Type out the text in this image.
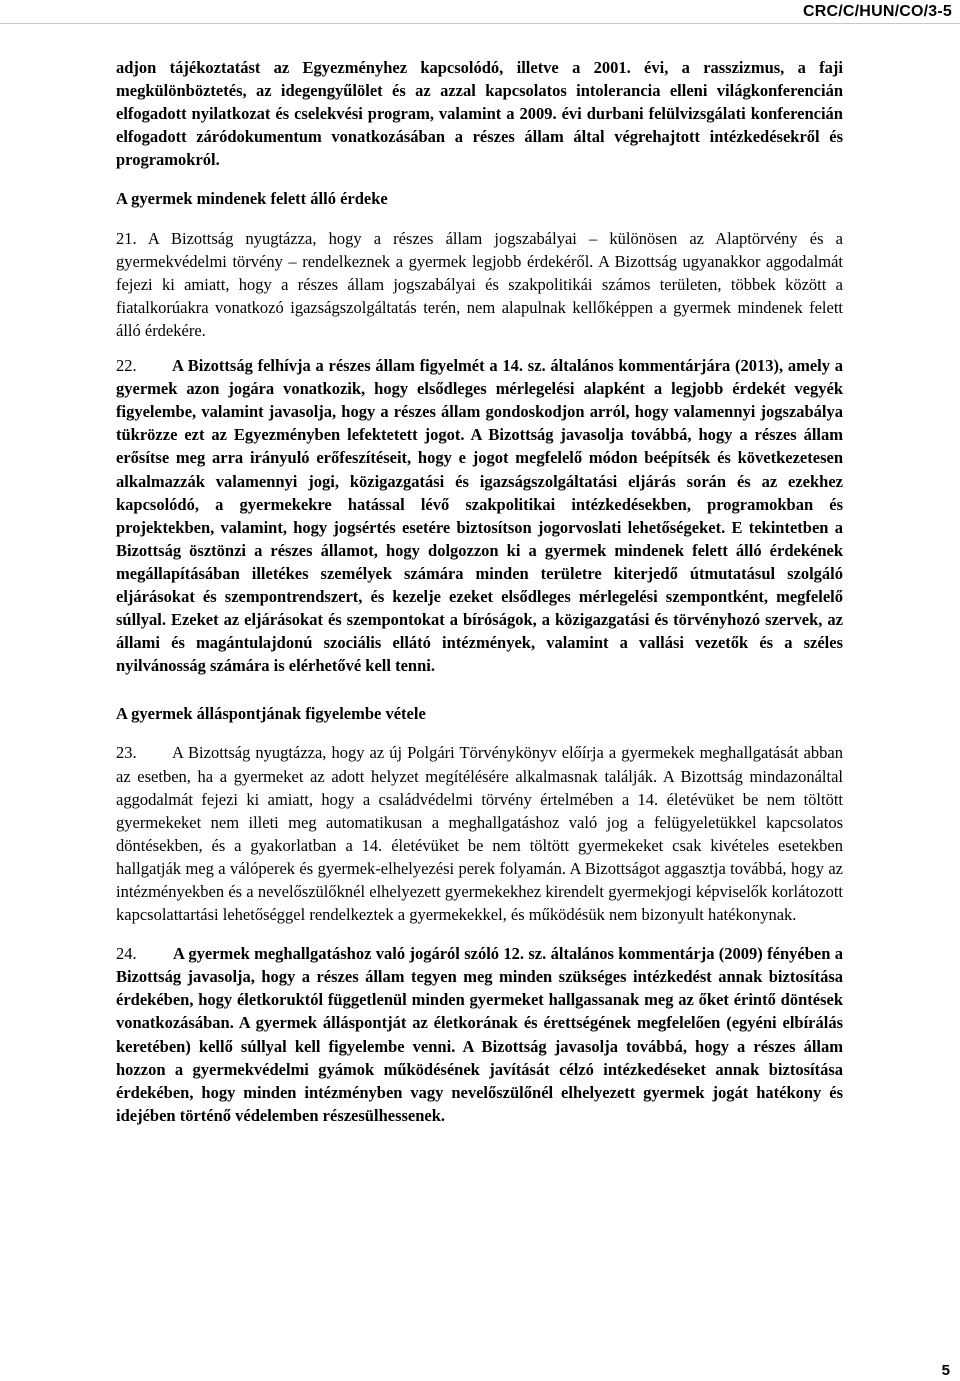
CRC/C/HUN/CO/3-5

adjon tájékoztatást az Egyezményhez kapcsolódó, illetve a 2001. évi, a rasszizmus, a faji megkülönböztetés, az idegengyűlölet és az azzal kapcsolatos intolerancia elleni világkonferencián elfogadott nyilatkozat és cselekvési program, valamint a 2009. évi durbani felülvizsgálati konferencián elfogadott záródokumentum vonatkozásában a részes állam által végrehajtott intézkedésekről és programokról.

A gyermek mindenek felett álló érdeke

21. A Bizottság nyugtázza, hogy a részes állam jogszabályai – különösen az Alaptörvény és a gyermekvédelmi törvény – rendelkeznek a gyermek legjobb érdekéről. A Bizottság ugyanakkor aggodalmát fejezi ki amiatt, hogy a részes állam jogszabályai és szakpolitikái számos területen, többek között a fiatalkorúakra vonatkozó igazságszolgáltatás terén, nem alapulnak kellőképpen a gyermek mindenek felett álló érdekére.

22. A Bizottság felhívja a részes állam figyelmét a 14. sz. általános kommentárjára (2013), amely a gyermek azon jogára vonatkozik, hogy elsődleges mérlegelési alapként a legjobb érdekét vegyék figyelembe, valamint javasolja, hogy a részes állam gondoskodjon arról, hogy valamennyi jogszabálya tükrözze ezt az Egyezményben lefektetett jogot. A Bizottság javasolja továbbá, hogy a részes állam erősítse meg arra irányuló erőfeszítéseit, hogy e jogot megfelelő módon beépítsék és következetesen alkalmazzák valamennyi jogi, közigazgatási és igazságszolgáltatási eljárás során és az ezekhez kapcsolódó, a gyermekekre hatással lévő szakpolitikai intézkedésekben, programokban és projektekben, valamint, hogy jogsértés esetére biztosítson jogorvoslati lehetőségeket. E tekintetben a Bizottság ösztönzi a részes államot, hogy dolgozzon ki a gyermek mindenek felett álló érdekének megállapításában illetékes személyek számára minden területre kiterjedő útmutatásul szolgáló eljárásokat és szempontrendszert, és kezelje ezeket elsődleges mérlegelési szempontként, megfelelő súllyal. Ezeket az eljárásokat és szempontokat a bíróságok, a közigazgatási és törvényhozó szervek, az állami és magántulajdonú szociális ellátó intézmények, valamint a vallási vezetők és a széles nyilvánosság számára is elérhetővé kell tenni.

A gyermek álláspontjának figyelembe vétele

23. A Bizottság nyugtázza, hogy az új Polgári Törvénykönyv előírja a gyermekek meghallgatását abban az esetben, ha a gyermeket az adott helyzet megítélésére alkalmasnak találják. A Bizottság mindazonáltal aggodalmát fejezi ki amiatt, hogy a családvédelmi törvény értelmében a 14. életévüket be nem töltött gyermekeket nem illeti meg automatikusan a meghallgatáshoz való jog a felügyeletükkel kapcsolatos döntésekben, és a gyakorlatban a 14. életévüket be nem töltött gyermekeket csak kivételes esetekben hallgatják meg a válóperek és gyermek-elhelyezési perek folyamán. A Bizottságot aggasztja továbbá, hogy az intézményekben és a nevelőszülőknél elhelyezett gyermekekhez kirendelt gyermekjogi képviselők korlátozott kapcsolattartási lehetőséggel rendelkeztek a gyermekekkel, és működésük nem bizonyult hatékonynak.

24. A gyermek meghallgatáshoz való jogáról szóló 12. sz. általános kommentárja (2009) fényében a Bizottság javasolja, hogy a részes állam tegyen meg minden szükséges intézkedést annak biztosítása érdekében, hogy életkoruktól függetlenül minden gyermeket hallgassanak meg az őket érintő döntések vonatkozásában. A gyermek álláspontját az életkorának és érettségének megfelelően (egyéni elbírálás keretében) kellő súllyal kell figyelembe venni. A Bizottság javasolja továbbá, hogy a részes állam hozzon a gyermekvédelmi gyámok működésének javítását célzó intézkedéseket annak biztosítása érdekében, hogy minden intézményben vagy nevelőszülőnél elhelyezett gyermek jogát hatékony és idejében történő védelemben részesülhessenek.

5
